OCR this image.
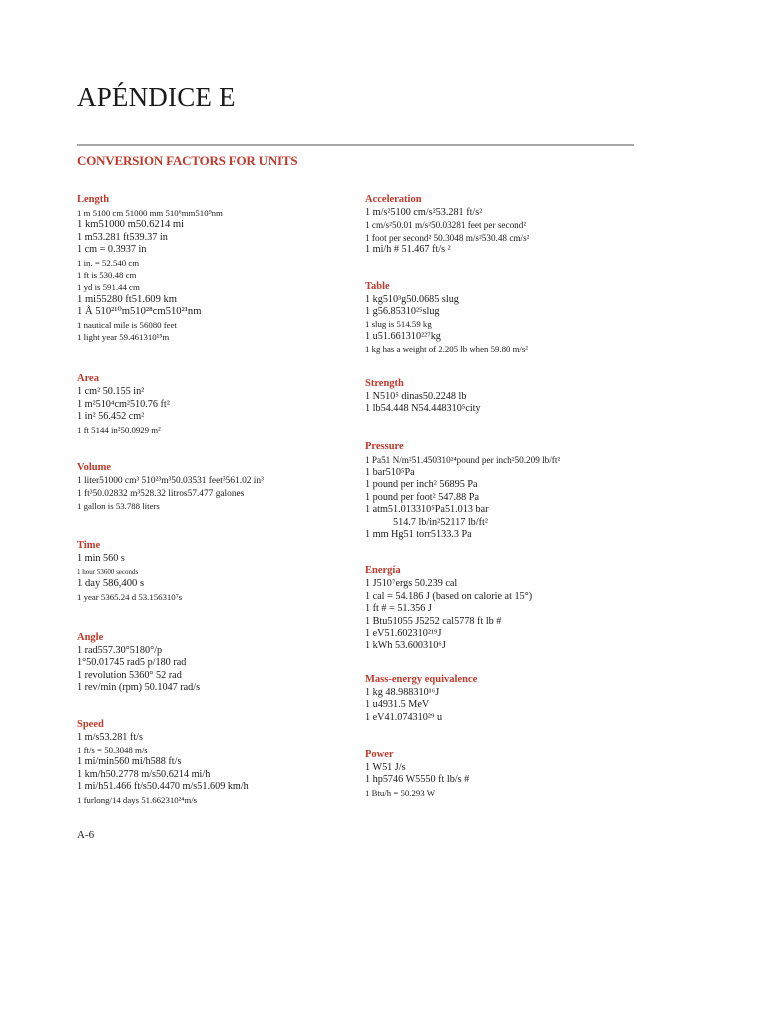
APÉNDICE E
CONVERSION FACTORS FOR UNITS
Length
1 m 5100 cm 51000 mm 510⁶mm510⁹nm
1 km51000 m50.6214 mi
1 m53.281 ft539.37 in
1 cm = 0.3937 in
1 in. = 52.540 cm
1 ft is 530.48 cm
1 yd is 591.44 cm
1 mi55280 ft51.609 km
1 Å 510²¹⁰m510²⁸cm510²¹nm
1 nautical mile is 56080 feet
1 light year 59.461310¹⁵m
Area
1 cm² 50.155 in²
1 m²510⁴cm²510.76 ft²
1 in² 56.452 cm²
1 ft 5144 in²50.0929 m²
Volume
1 liter51000 cm³ 510²³m³50.03531 feet³561.02 in³
1 ft³50.02832 m³528.32 litros57.477 galones
1 gallon is 53.788 liters
Time
1 min 560 s
1 hour 53600 seconds
1 day 586,400 s
1 year 5365.24 d 53.156310⁷s
Angle
1 rad557.30°5180°/p
1°50.01745 rad5 p/180 rad
1 revolution 5360° 52 rad
1 rev/min (rpm) 50.1047 rad/s
Speed
1 m/s53.281 ft/s
1 ft/s = 50.3048 m/s
1 mi/min560 mi/h588 ft/s
1 km/h50.2778 m/s50.6214 mi/h
1 mi/h51.466 ft/s50.4470 m/s51.609 km/h
1 furlong/14 days 51.662310²⁴m/s
Acceleration
1 m/s²5100 cm/s²53.281 ft/s²
1 cm/s²50.01 m/s²50.03281 feet per second²
1 foot per second² 50.3048 m/s²530.48 cm/s²
1 mi/h # 51.467 ft/s ²
Table
1 kg510³g50.0685 slug
1 g56.85310²⁵slug
1 slug is 514.59 kg
1 u51.661310²²⁷kg
1 kg has a weight of 2.205 lb when 59.80 m/s²
Strength
1 N510⁵ dinas50.2248 lb
1 lb54.448 N54.448310⁵city
Pressure
1 Pa51 N/m²51.450310²⁴pound per inch²50.209 lb/ft²
1 bar510⁵Pa
1 pound per inch² 56895 Pa
1 pound per foot² 547.88 Pa
1 atm51.013310⁵Pa51.013 bar
514.7 lb/in²52117 lb/ft²
1 mm Hg51 torr5133.3 Pa
Energía
1 J510⁷ergs 50.239 cal
1 cal = 54.186 J (based on calorie at 15°)
1 ft # = 51.356 J
1 Btu51055 J5252 cal5778 ft lb #
1 eV51.602310²¹⁹J
1 kWh 53.600310⁶J
Mass-energy equivalence
1 kg 48.988310¹⁶J
1 u4931.5 MeV
1 eV41.074310²⁹ u
Power
1 W51 J/s
1 hp5746 W5550 ft lb/s #
1 Btu/h = 50.293 W
A-6
